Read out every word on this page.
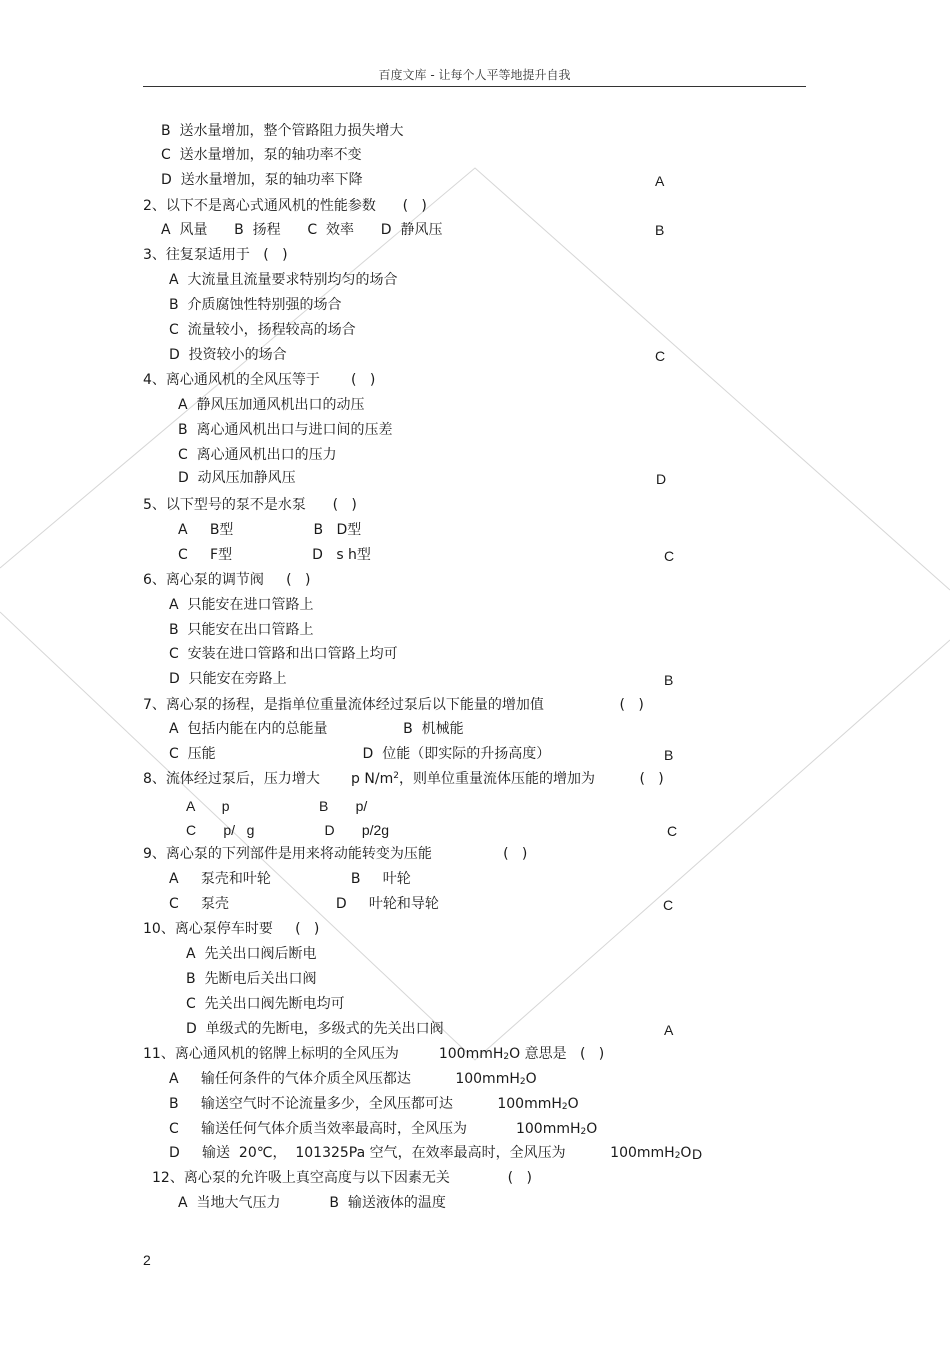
百度文库 - 让每个人平等地提升自我
B  送水量增加，整个管路阻力损失增大
C  送水量增加，泵的轴功率不变
D  送水量增加，泵的轴功率下降	A
2、以下不是离心式通风机的性能参数      (   )
A  风量      B  扬程      C  效率      D  静风压	B
3、往复泵适用于   (   )
A  大流量且流量要求特别均匀的场合
B  介质腐蚀性特别强的场合
C  流量较小，扬程较高的场合
D  投资较小的场合	C
4、离心通风机的全风压等于       (   )
A  静风压加通风机出口的动压
B  离心通风机出口与进口间的压差
C  离心通风机出口的压力
D  动风压加静风压	D
5、以下型号的泵不是水泵      (   )
A     B型                  B   D型
C     F型                  D   s h型	C
6、离心泵的调节阀     (   )
A  只能安在进口管路上
B  只能安在出口管路上
C  安装在进口管路和出口管路上均可
D  只能安在旁路上	B
7、离心泵的扬程，是指单位重量流体经过泵后以下能量的增加值                 (   )
A  包括内能在内的总能量                 B  机械能
C  压能                                 D  位能（即实际的升扬高度）	B
8、流体经过泵后，压力增大       p $N/m^2$，则单位重量流体压能的增加为          (   )
A       p                       B       p/
C       p/   g                  D       p/2g	C
9、离心泵的下列部件是用来将动能转变为压能                (   )
A     泵壳和叶轮                  B     叶轮
C     泵壳                        D     叶轮和导轮	C
10、离心泵停车时要     (   )
A  先关出口阀后断电
B  先断电后关出口阀
C  先关出口阀先断电均可
D  单级式的先断电，多级式的先关出口阀	A
11、离心通风机的铭牌上标明的全风压为         100mmH$_2$O 意思是   (   )
A     输任何条件的气体介质全风压都达          100mmH$_2$O
B     输送空气时不论流量多少，全风压都可达          100mmH$_2$O
C     输送任何气体介质当效率最高时，全风压为           100mmH$_2$O
D     输送  20℃，  101325Pa 空气，在效率最高时，全风压为          100mmH$_2$O D
12、离心泵的允许吸上真空高度与以下因素无关             (   )
A  当地大气压力           B  输送液体的温度
2
